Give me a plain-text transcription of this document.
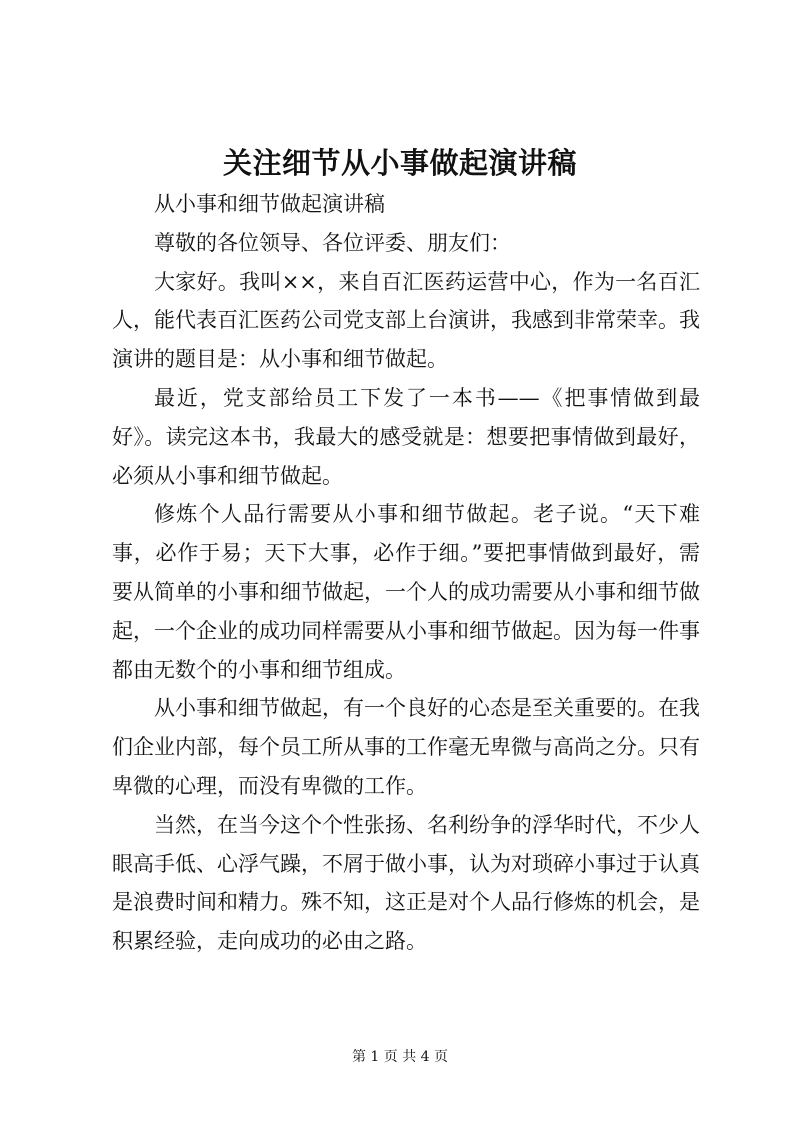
关注细节从小事做起演讲稿

从小事和细节做起演讲稿

尊敬的各位领导、各位评委、朋友们：

大家好。我叫××，来自百汇医药运营中心，作为一名百汇人，能代表百汇医药公司党支部上台演讲，我感到非常荣幸。我演讲的题目是：从小事和细节做起。

最近，党支部给员工下发了一本书——《把事情做到最好》。读完这本书，我最大的感受就是：想要把事情做到最好，必须从小事和细节做起。

修炼个人品行需要从小事和细节做起。老子说。“天下难事，必作于易；天下大事，必作于细。”要把事情做到最好，需要从简单的小事和细节做起，一个人的成功需要从小事和细节做起，一个企业的成功同样需要从小事和细节做起。因为每一件事都由无数个的小事和细节组成。

从小事和细节做起，有一个良好的心态是至关重要的。在我们企业内部，每个员工所从事的工作毫无卑微与高尚之分。只有卑微的心理，而没有卑微的工作。

当然，在当今这个个性张扬、名利纷争的浮华时代，不少人眼高手低、心浮气躁，不屑于做小事，认为对琐碎小事过于认真是浪费时间和精力。殊不知，这正是对个人品行修炼的机会，是积累经验，走向成功的必由之路。

第 1 页 共 4 页
